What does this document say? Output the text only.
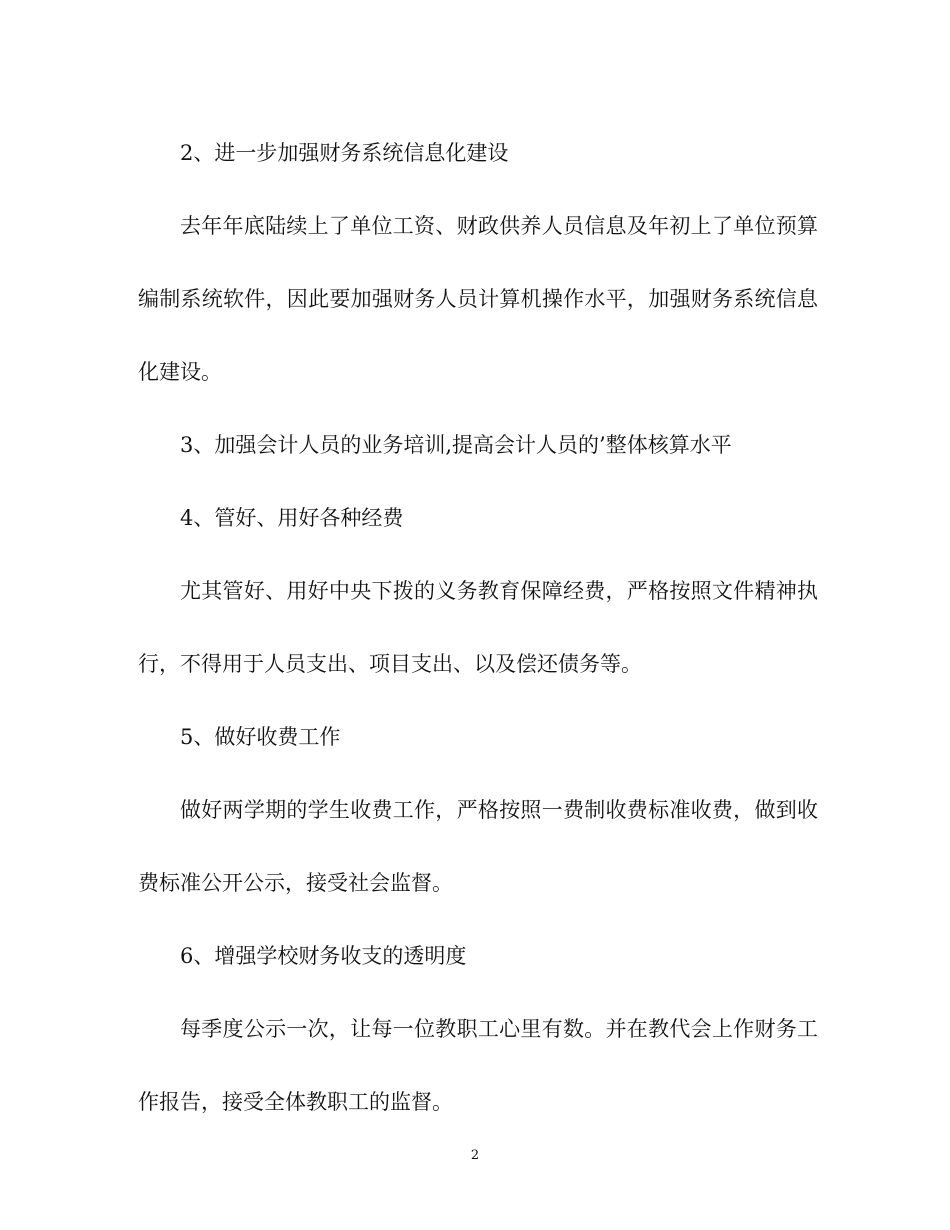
2、进一步加强财务系统信息化建设

去年年底陆续上了单位工资、财政供养人员信息及年初上了单位预算编制系统软件，因此要加强财务人员计算机操作水平，加强财务系统信息化建设。

3、加强会计人员的业务培训,提高会计人员的’整体核算水平

4、管好、用好各种经费

尤其管好、用好中央下拨的义务教育保障经费，严格按照文件精神执行，不得用于人员支出、项目支出、以及偿还债务等。

5、做好收费工作

做好两学期的学生收费工作，严格按照一费制收费标准收费，做到收费标准公开公示，接受社会监督。

6、增强学校财务收支的透明度

每季度公示一次，让每一位教职工心里有数。并在教代会上作财务工作报告，接受全体教职工的监督。

2
